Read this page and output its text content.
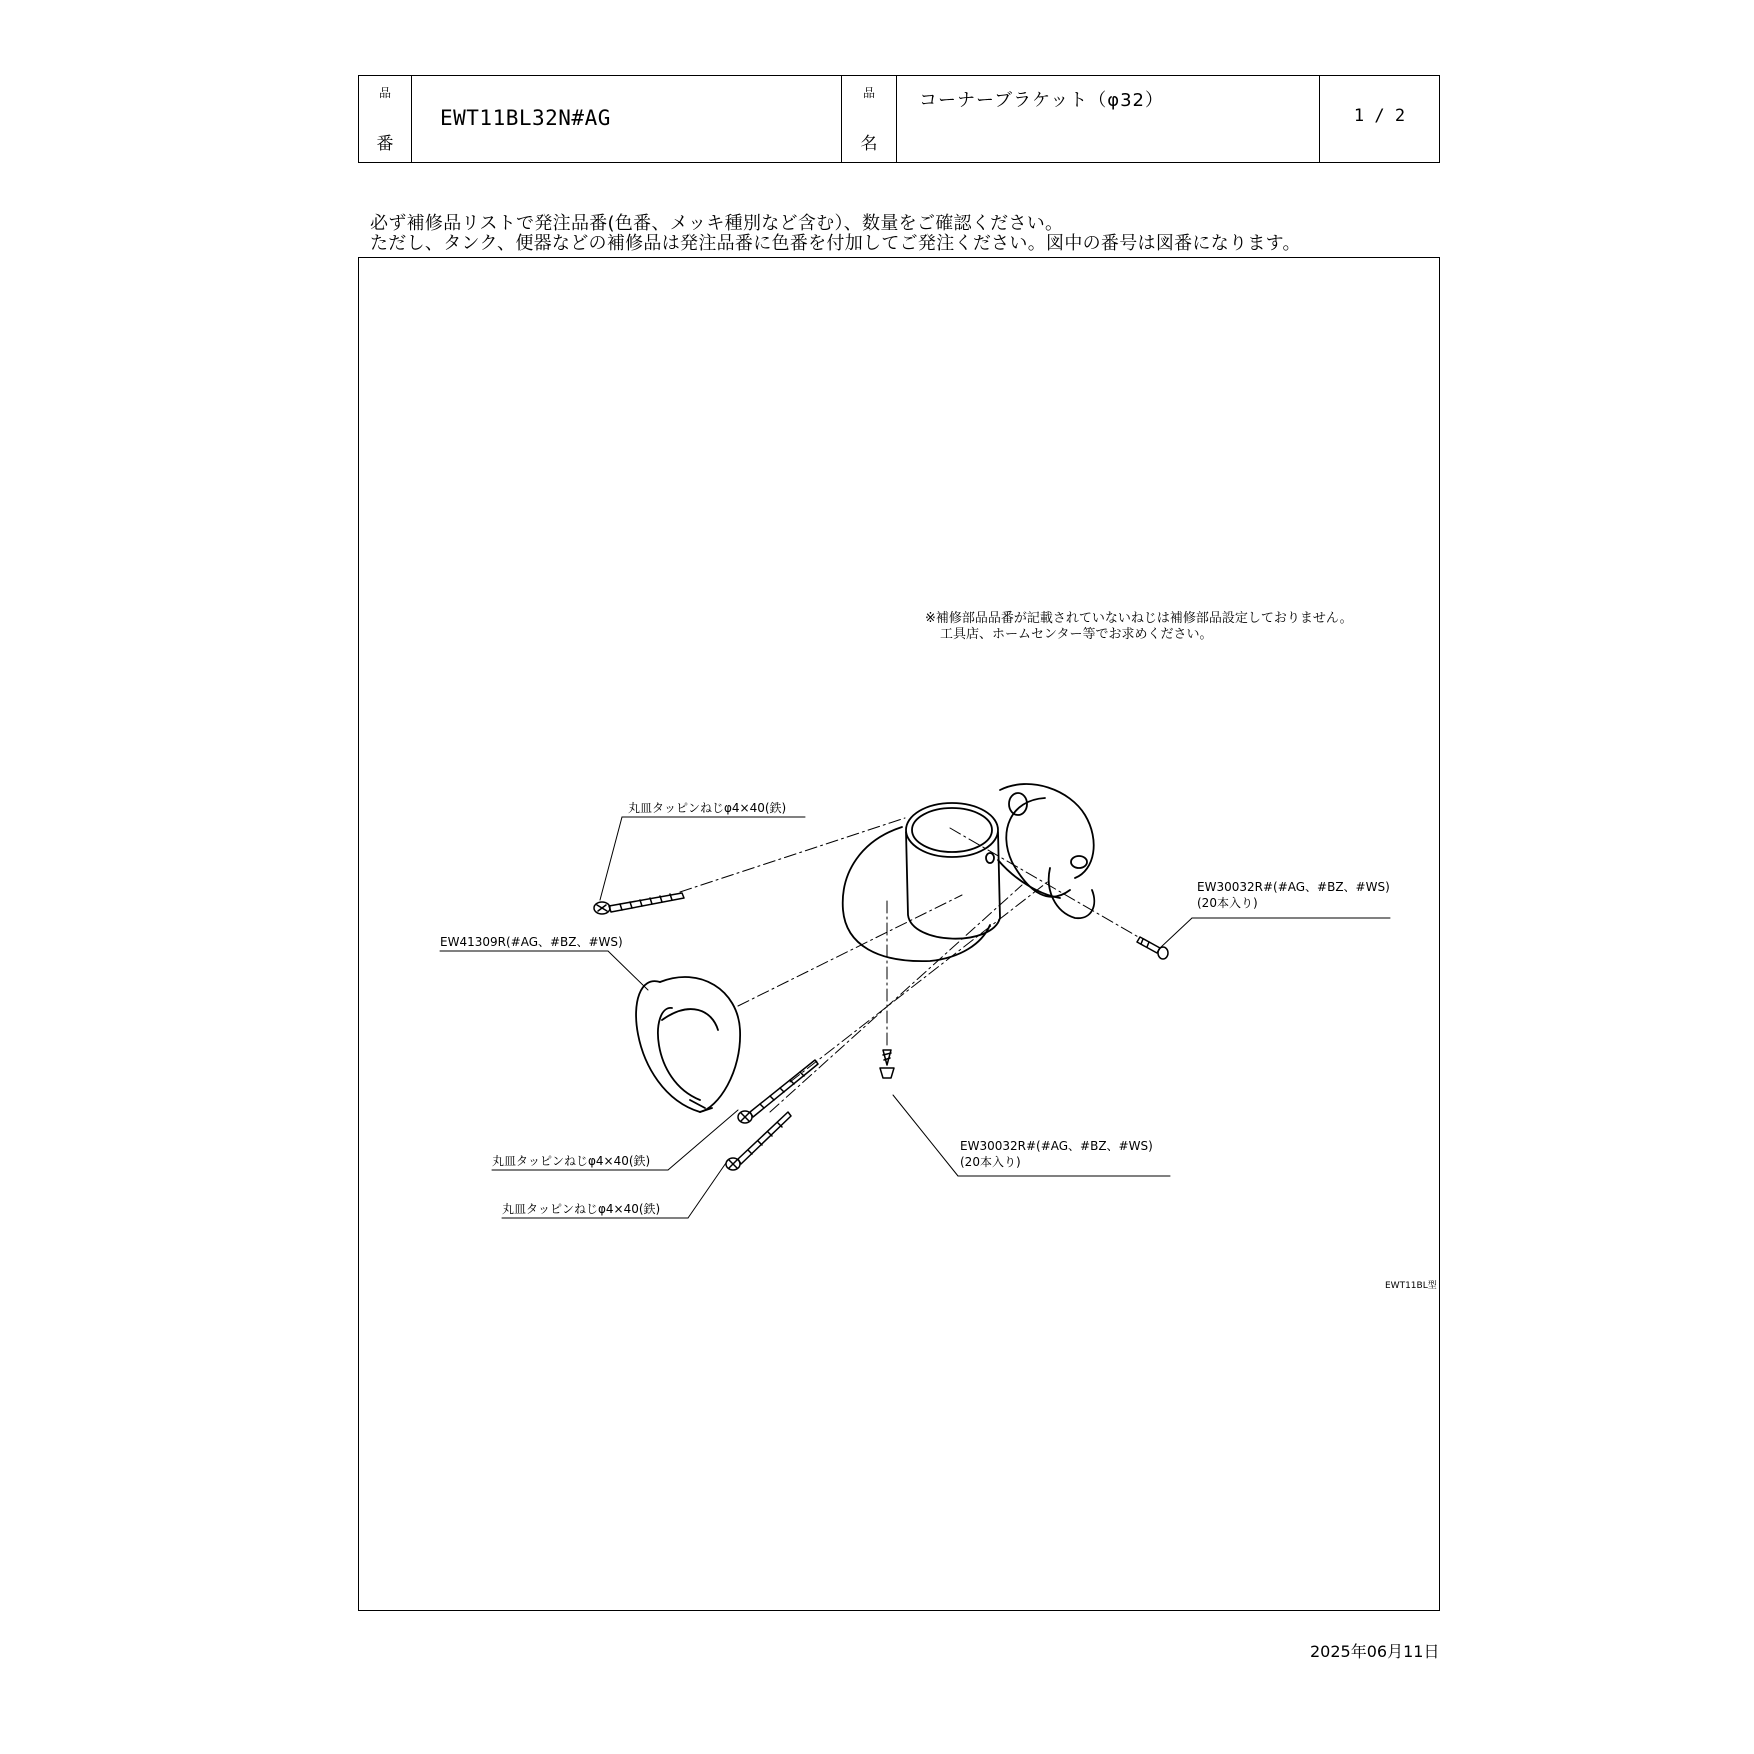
品
番
EWT11BL32N#AG
品
名
コーナーブラケット（φ32）
1 / 2
必ず補修品リストで発注品番(色番、メッキ種別など含む）、数量をご確認ください。
ただし、タンク、便器などの補修品は発注品番に色番を付加してご発注ください。図中の番号は図番になります。
※補修部品品番が記載されていないねじは補修部品設定しておりません。
工具店、ホームセンター等でお求めください。
丸皿タッピンねじφ4×40(鉄)
EW41309R(#AG、#BZ、#WS)
EW30032R#(#AG、#BZ、#WS)
(20本入り)
EW30032R#(#AG、#BZ、#WS)
(20本入り)
丸皿タッピンねじφ4×40(鉄)
丸皿タッピンねじφ4×40(鉄)
EWT11BL型
2025年06月11日
